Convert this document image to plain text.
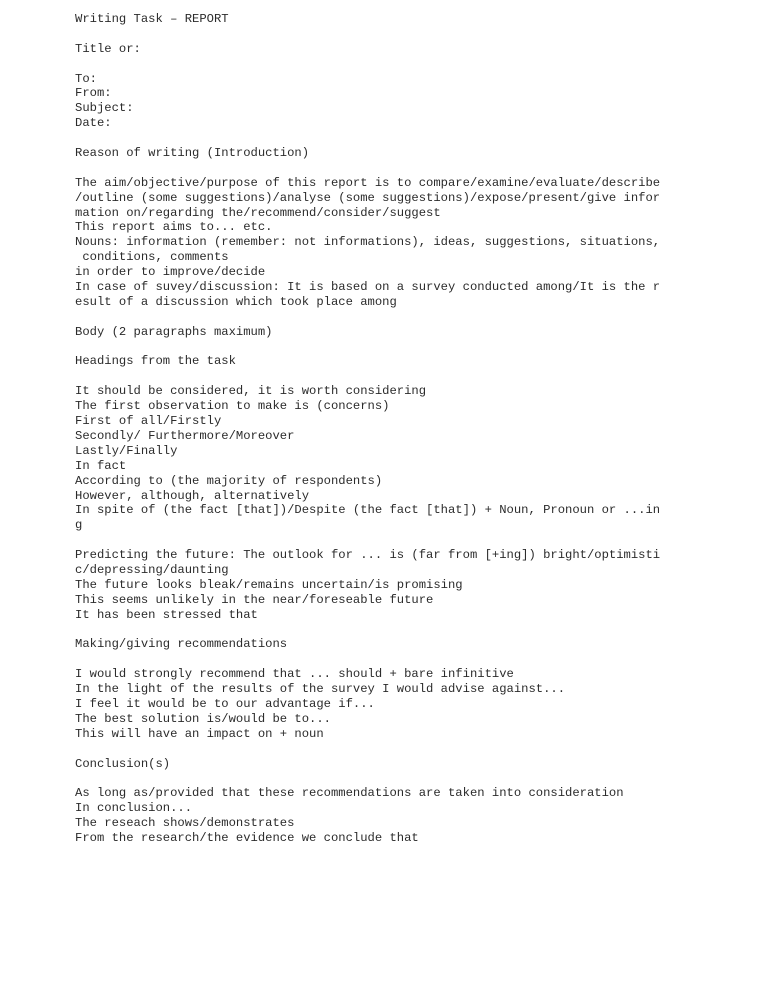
Writing Task – REPORT
Title or:
To:
From:
Subject:
Date:
Reason of writing (Introduction)
The aim/objective/purpose of this report is to compare/examine/evaluate/describe
/outline (some suggestions)/analyse (some suggestions)/expose/present/give infor
mation on/regarding the/recommend/consider/suggest
This report aims to... etc.
Nouns: information (remember: not informations), ideas, suggestions, situations,
conditions, comments
in order to improve/decide
In case of suvey/discussion: It is based on a survey conducted among/It is the r
esult of a discussion which took place among
Body (2 paragraphs maximum)
Headings from the task
It should be considered, it is worth considering
The first observation to make is (concerns)
First of all/Firstly
Secondly/ Furthermore/Moreover
Lastly/Finally
In fact
According to (the majority of respondents)
However, although, alternatively
In spite of (the fact [that])/Despite (the fact [that]) + Noun, Pronoun or ...in
g
Predicting the future: The outlook for ... is (far from [+ing]) bright/optimisti
c/depressing/daunting
The future looks bleak/remains uncertain/is promising
This seems unlikely in the near/foreseable future
It has been stressed that
Making/giving recommendations
I would strongly recommend that ... should + bare infinitive
In the light of the results of the survey I would advise against...
I feel it would be to our advantage if...
The best solution is/would be to...
This will have an impact on + noun
Conclusion(s)
As long as/provided that these recommendations are taken into consideration
In conclusion...
The reseach shows/demonstrates
From the research/the evidence we conclude that
